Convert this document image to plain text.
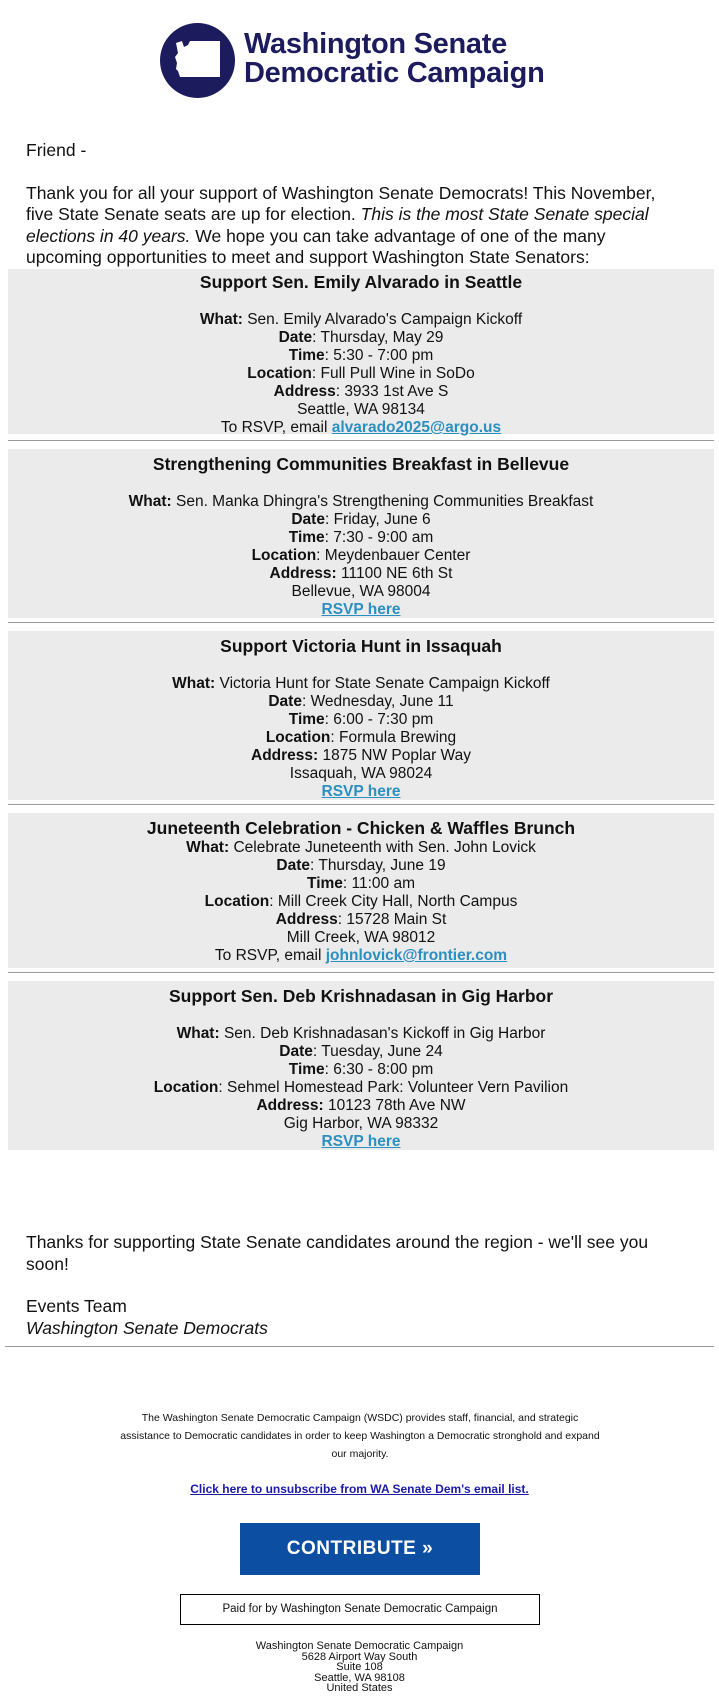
Washington Senate
Democratic Campaign

Friend -

Thank you for all your support of Washington Senate Democrats! This November, five State Senate seats are up for election. This is the most State Senate special elections in 40 years. We hope you can take advantage of one of the many upcoming opportunities to meet and support Washington State Senators:

Support Sen. Emily Alvarado in Seattle
What: Sen. Emily Alvarado's Campaign Kickoff
Date: Thursday, May 29
Time: 5:30 - 7:00 pm
Location: Full Pull Wine in SoDo
Address: 3933 1st Ave S
Seattle, WA 98134
To RSVP, email alvarado2025@argo.us
Strengthening Communities Breakfast in Bellevue
What: Sen. Manka Dhingra's Strengthening Communities Breakfast
Date: Friday, June 6
Time: 7:30 - 9:00 am
Location: Meydenbauer Center
Address: 11100 NE 6th St
Bellevue, WA 98004
RSVP here
Support Victoria Hunt in Issaquah
What: Victoria Hunt for State Senate Campaign Kickoff
Date: Wednesday, June 11
Time: 6:00 - 7:30 pm
Location: Formula Brewing
Address: 1875 NW Poplar Way
Issaquah, WA 98024
RSVP here
Juneteenth Celebration - Chicken & Waffles Brunch
What: Celebrate Juneteenth with Sen. John Lovick
Date: Thursday, June 19
Time: 11:00 am
Location: Mill Creek City Hall, North Campus
Address: 15728 Main St
Mill Creek, WA 98012
To RSVP, email johnlovick@frontier.com
Support Sen. Deb Krishnadasan in Gig Harbor
What: Sen. Deb Krishnadasan's Kickoff in Gig Harbor
Date: Tuesday, June 24
Time: 6:30 - 8:00 pm
Location: Sehmel Homestead Park: Volunteer Vern Pavilion
Address: 10123 78th Ave NW
Gig Harbor, WA 98332
RSVP here

Thanks for supporting State Senate candidates around the region - we'll see you soon!

Events Team

Washington Senate Democrats

The Washington Senate Democratic Campaign (WSDC) provides staff, financial, and strategic assistance to Democratic candidates in order to keep Washington a Democratic stronghold and expand our majority.
Click here to unsubscribe from WA Senate Dem's email list.
CONTRIBUTE »
Paid for by Washington Senate Democratic Campaign
Washington Senate Democratic Campaign
5628 Airport Way South
Suite 108
Seattle, WA 98108
United States
